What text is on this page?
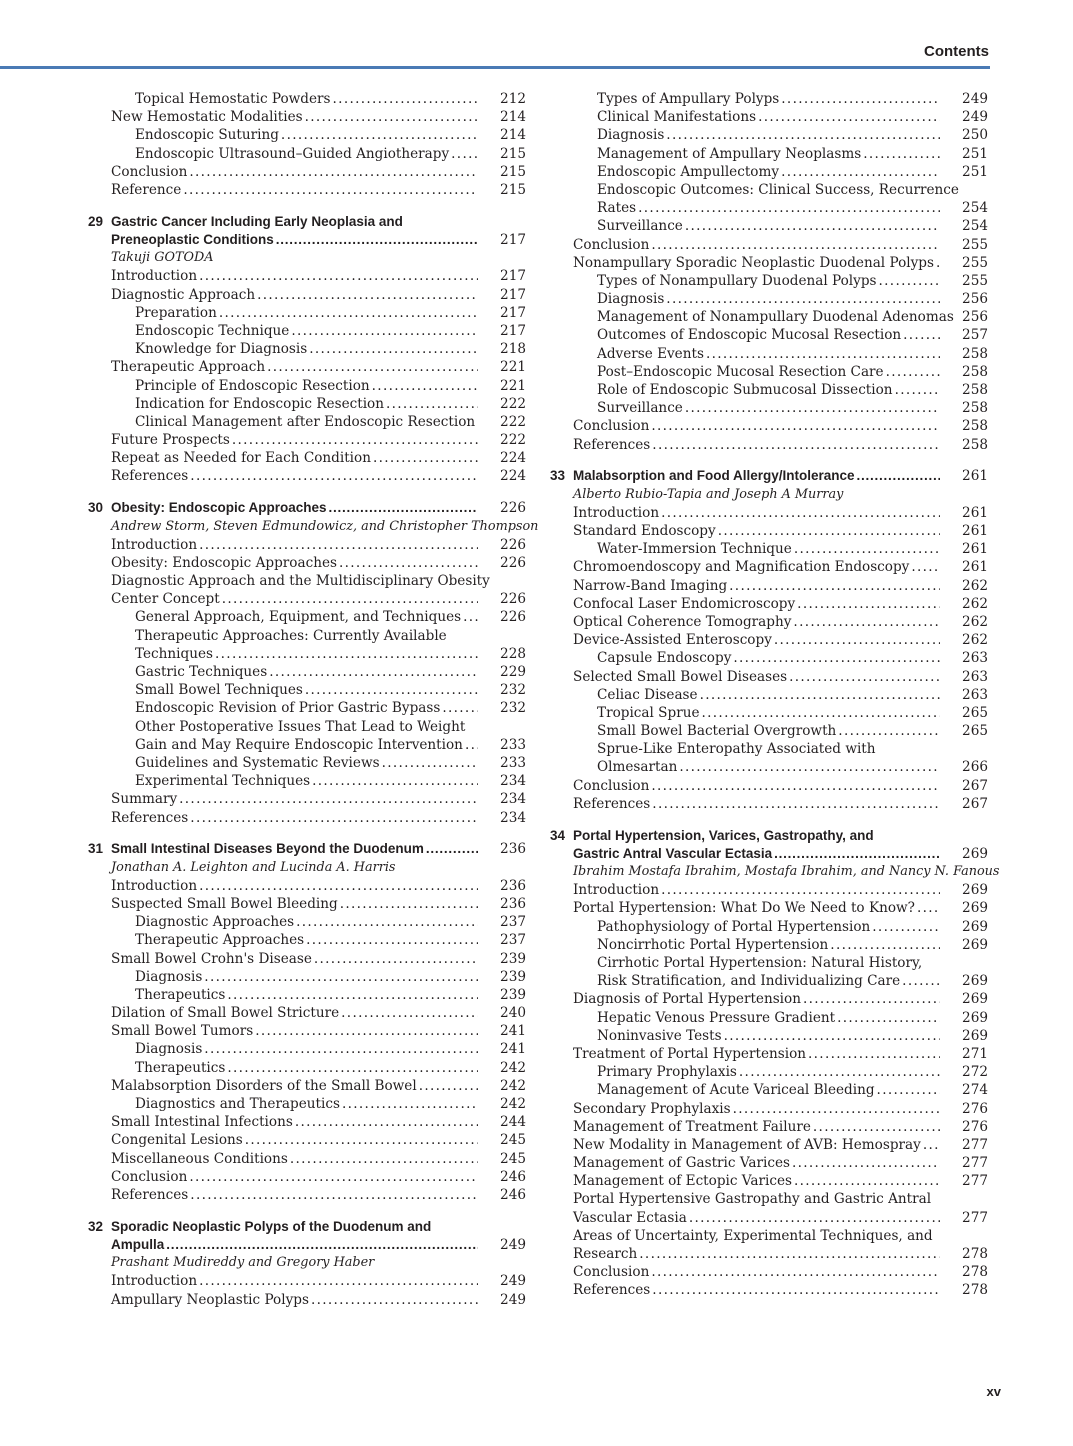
Contents
Topical Hemostatic Powders . . .	212
New Hemostatic Modalities . . .	214
Endoscopic Suturing . . .	214
Endoscopic Ultrasound–Guided Angiotherapy . . .	215
Conclusion . . .	215
Reference . . .	215
29 Gastric Cancer Including Early Neoplasia and
Preneoplastic Conditions . . .	217
Takuji GOTODA
Introduction . . .	217
Diagnostic Approach . . .	217
Preparation . . .	217
Endoscopic Technique . . .	217
Knowledge for Diagnosis . . .	218
Therapeutic Approach . . .	221
Principle of Endoscopic Resection . . .	221
Indication for Endoscopic Resection . . .	222
Clinical Management after Endoscopic Resection . . . 222
Future Prospects . . .	222
Repeat as Needed for Each Condition . . .	224
References . . .	224
30 Obesity: Endoscopic Approaches . . .	226
Andrew Storm, Steven Edmundowicz, and Christopher Thompson
Introduction . . .	226
Obesity: Endoscopic Approaches . . .	226
Diagnostic Approach and the Multidisciplinary Obesity
Center Concept . . .	226
General Approach, Equipment, and Techniques . . .	226
Therapeutic Approaches: Currently Available
Techniques . . .	228
Gastric Techniques . . .	229
Small Bowel Techniques . . .	232
Endoscopic Revision of Prior Gastric Bypass . . .	232
Other Postoperative Issues That Lead to Weight
Gain and May Require Endoscopic Intervention . . .	233
Guidelines and Systematic Reviews . . .	233
Experimental Techniques . . .	234
Summary . . .	234
References . . .	234
31 Small Intestinal Diseases Beyond the Duodenum . . .	236
Jonathan A. Leighton and Lucinda A. Harris
Introduction . . .	236
Suspected Small Bowel Bleeding . . .	236
Diagnostic Approaches . . .	237
Therapeutic Approaches . . .	237
Small Bowel Crohn's Disease . . .	239
Diagnosis . . .	239
Therapeutics . . .	239
Dilation of Small Bowel Stricture . . .	240
Small Bowel Tumors . . .	241
Diagnosis . . .	241
Therapeutics . . .	242
Malabsorption Disorders of the Small Bowel . . .	242
Diagnostics and Therapeutics . . .	242
Small Intestinal Infections . . .	244
Congenital Lesions . . .	245
Miscellaneous Conditions . . .	245
Conclusion . . .	246
References . . .	246
32 Sporadic Neoplastic Polyps of the Duodenum and
Ampulla . . .	249
Prashant Mudireddy and Gregory Haber
Introduction . . .	249
Ampullary Neoplastic Polyps . . .	249
Types of Ampullary Polyps . . .	249
Clinical Manifestations . . .	249
Diagnosis . . .	250
Management of Ampullary Neoplasms . . .	251
Endoscopic Ampullectomy . . .	251
Endoscopic Outcomes: Clinical Success, Recurrence
Rates . . .	254
Surveillance . . .	254
Conclusion . . .	255
Nonampullary Sporadic Neoplastic Duodenal Polyps . . . 255
Types of Nonampullary Duodenal Polyps . . .	255
Diagnosis . . .	256
Management of Nonampullary Duodenal Adenomas 256
Outcomes of Endoscopic Mucosal Resection . . .	257
Adverse Events . . .	258
Post–Endoscopic Mucosal Resection Care . . .	258
Role of Endoscopic Submucosal Dissection . . .	258
Surveillance . . .	258
Conclusion . . .	258
References . . .	258
33 Malabsorption and Food Allergy/Intolerance . . .	261
Alberto Rubio-Tapia and Joseph A Murray
Introduction . . .	261
Standard Endoscopy . . .	261
Water-Immersion Technique . . .	261
Chromoendoscopy and Magnification Endoscopy . . .	261
Narrow-Band Imaging . . .	262
Confocal Laser Endomicroscopy . . .	262
Optical Coherence Tomography . . .	262
Device-Assisted Enteroscopy . . .	262
Capsule Endoscopy . . .	263
Selected Small Bowel Diseases . . .	263
Celiac Disease . . .	263
Tropical Sprue . . .	265
Small Bowel Bacterial Overgrowth . . .	265
Sprue-Like Enteropathy Associated with
Olmesartan . . .	266
Conclusion . . .	267
References . . .	267
34 Portal Hypertension, Varices, Gastropathy, and
Gastric Antral Vascular Ectasia . . .	269
Ibrahim Mostafa Ibrahim, Mostafa Ibrahim, and Nancy N. Fanous
Introduction . . .	269
Portal Hypertension: What Do We Need to Know? . . .	269
Pathophysiology of Portal Hypertension . . .	269
Noncirrhotic Portal Hypertension . . .	269
Cirrhotic Portal Hypertension: Natural History,
Risk Stratification, and Individualizing Care . . .	269
Diagnosis of Portal Hypertension . . .	269
Hepatic Venous Pressure Gradient . . .	269
Noninvasive Tests . . .	269
Treatment of Portal Hypertension . . .	271
Primary Prophylaxis . . .	272
Management of Acute Variceal Bleeding . . .	274
Secondary Prophylaxis . . .	276
Management of Treatment Failure . . .	276
New Modality in Management of AVB: Hemospray . . .	277
Management of Gastric Varices . . .	277
Management of Ectopic Varices . . .	277
Portal Hypertensive Gastropathy and Gastric Antral
Vascular Ectasia . . .	277
Areas of Uncertainty, Experimental Techniques, and
Research . . .	278
Conclusion . . .	278
References . . .	278
xv
